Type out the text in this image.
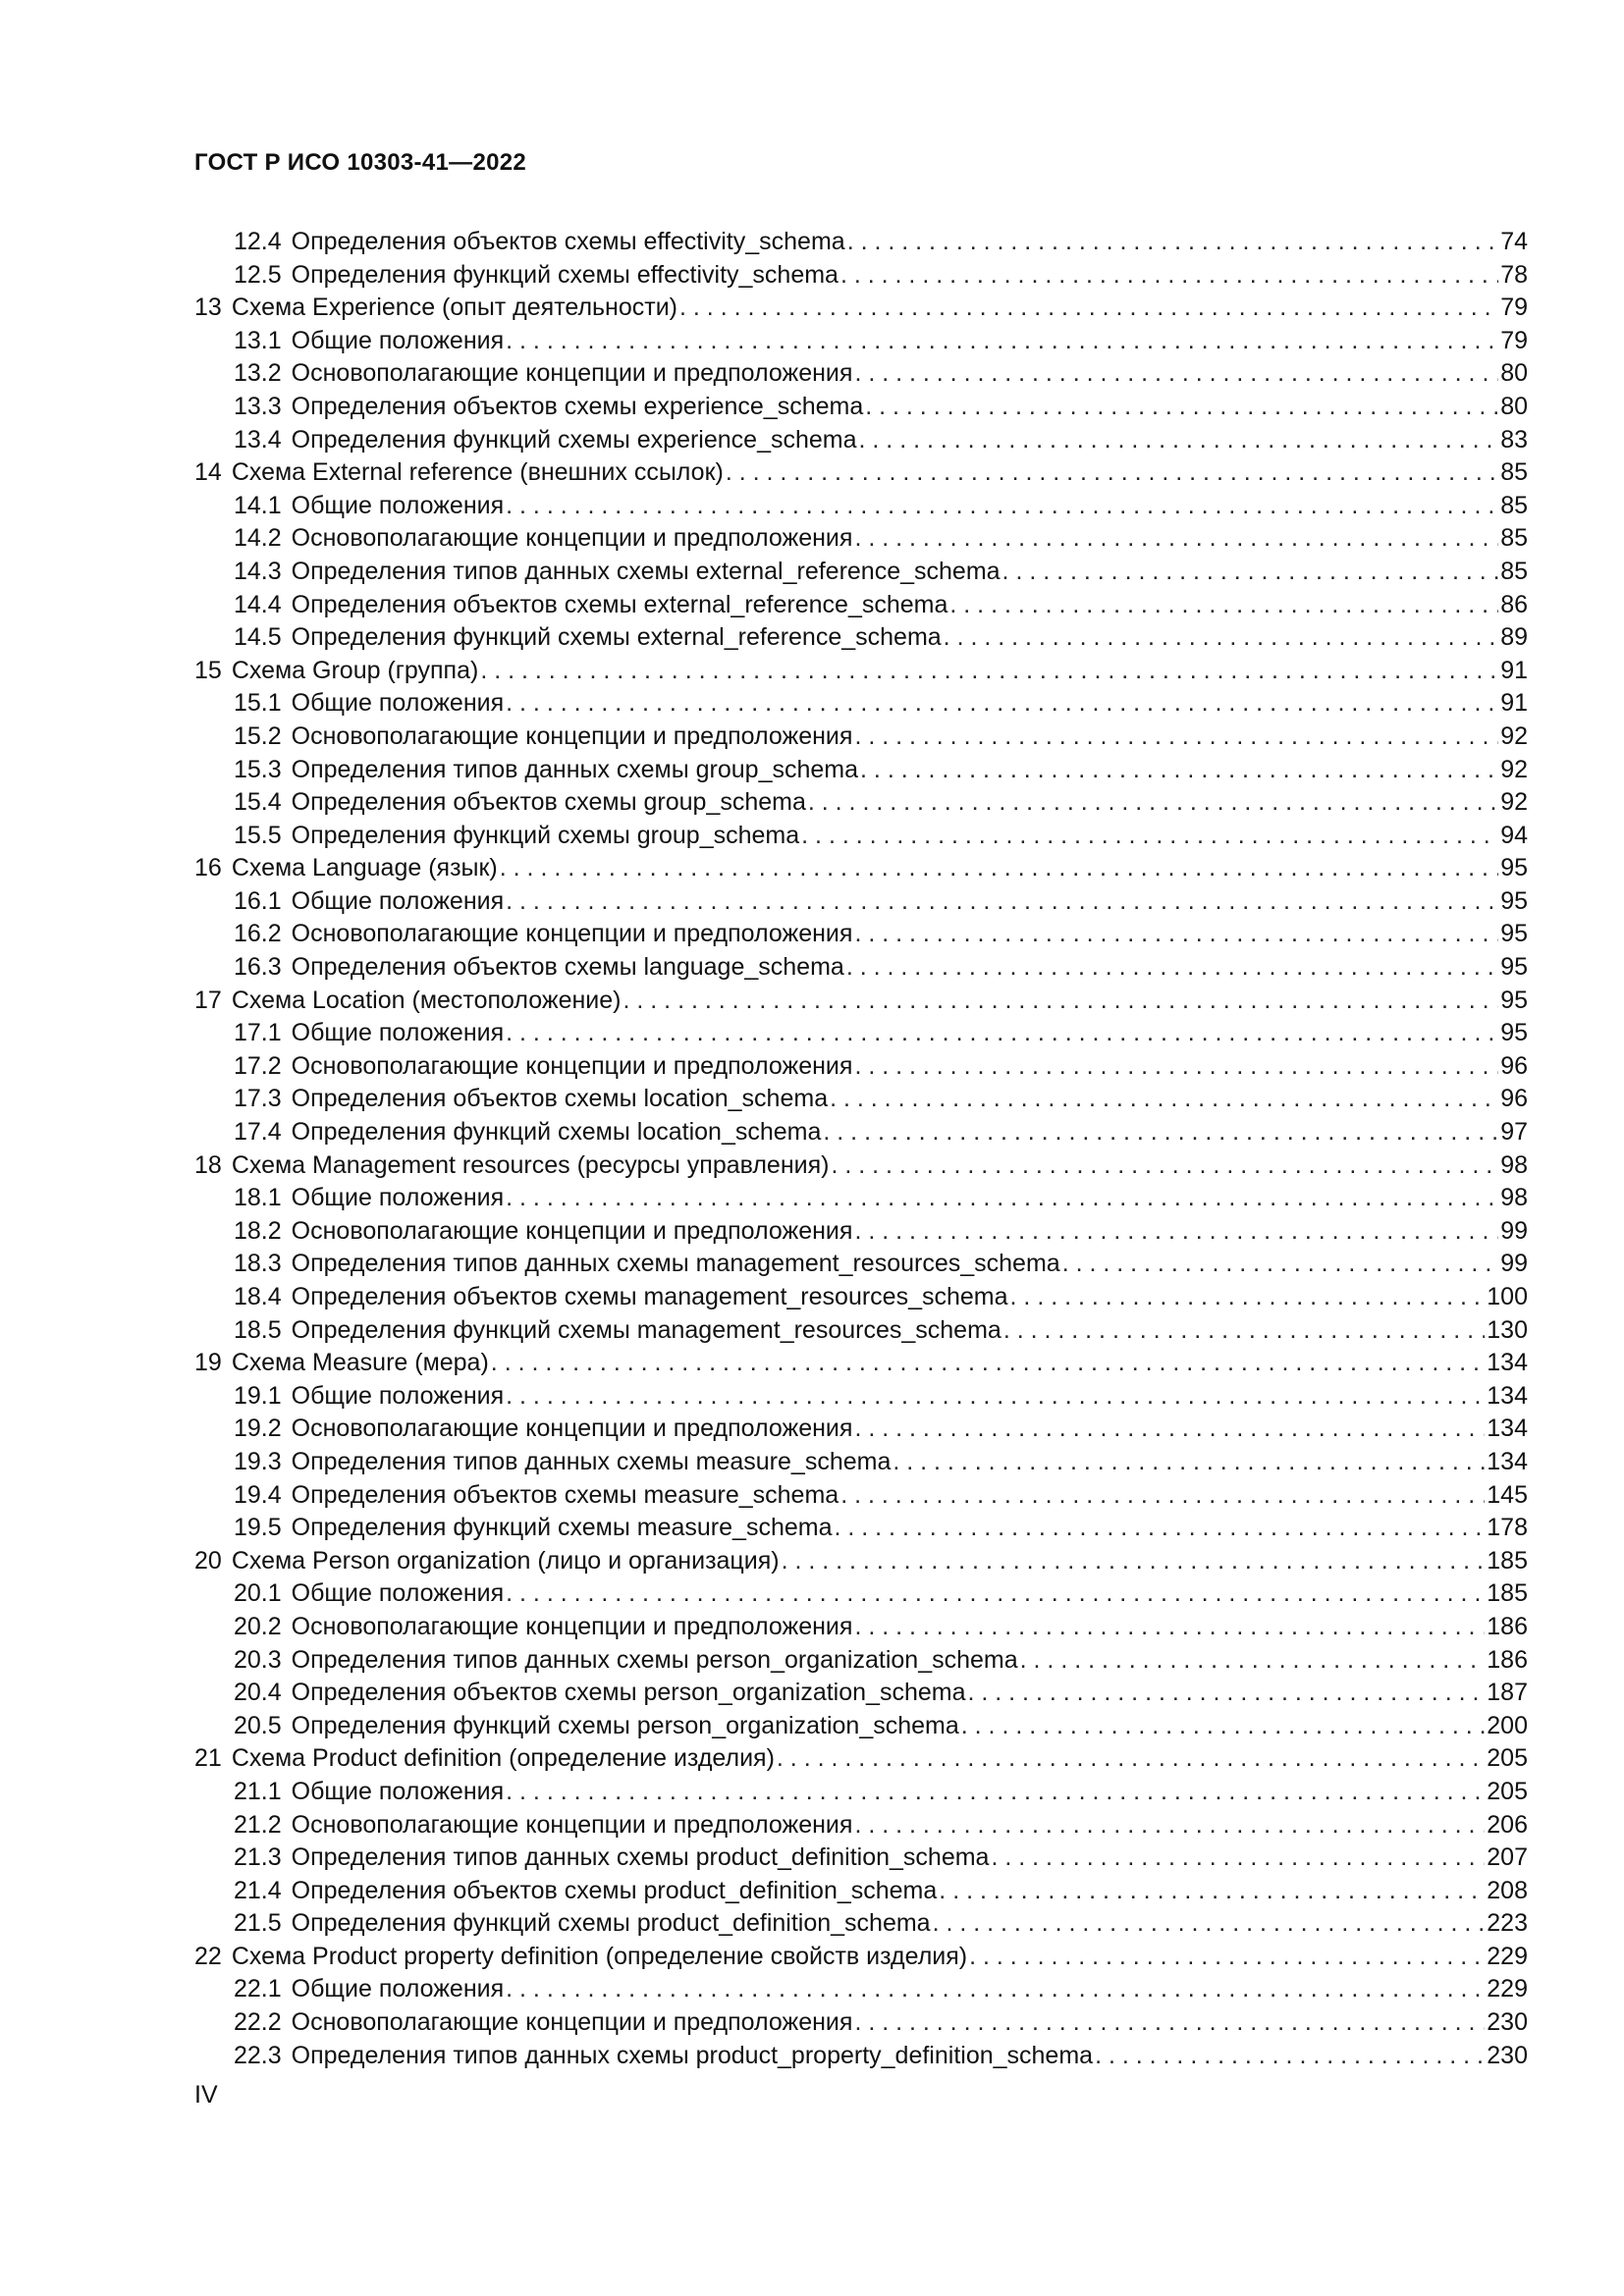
ГОСТ Р ИСО 10303-41—2022
12.4 Определения объектов схемы effectivity_schema . . .	74
12.5 Определения функций схемы effectivity_schema . . .	78
13 Схема Experience (опыт деятельности) . . .	79
13.1 Общие положения . . .	79
13.2 Основополагающие концепции и предположения . . .	80
13.3 Определения объектов схемы experience_schema . . .	80
13.4 Определения функций схемы experience_schema . . .	83
14 Схема External reference (внешних ссылок) . . .	85
14.1 Общие положения . . .	85
14.2 Основополагающие концепции и предположения . . .	85
14.3 Определения типов данных схемы external_reference_schema . . .	85
14.4 Определения объектов схемы external_reference_schema . . .	86
14.5 Определения функций схемы external_reference_schema . . .	89
15 Схема Group (группа) . . .	91
15.1 Общие положения . . .	91
15.2 Основополагающие концепции и предположения . . .	92
15.3 Определения типов данных схемы group_schema . . .	92
15.4 Определения объектов схемы group_schema . . .	92
15.5 Определения функций схемы group_schema . . .	94
16 Схема Language (язык) . . .	95
16.1 Общие положения . . .	95
16.2 Основополагающие концепции и предположения . . .	95
16.3 Определения объектов схемы language_schema . . .	95
17 Схема Location (местоположение) . . .	95
17.1 Общие положения . . .	95
17.2 Основополагающие концепции и предположения . . .	96
17.3 Определения объектов схемы location_schema . . .	96
17.4 Определения функций схемы location_schema . . .	97
18 Схема Management resources (ресурсы управления) . . .	98
18.1 Общие положения . . .	98
18.2 Основополагающие концепции и предположения . . .	99
18.3 Определения типов данных схемы management_resources_schema . . .	99
18.4 Определения объектов схемы management_resources_schema . . .	100
18.5 Определения функций схемы management_resources_schema . . .	130
19 Схема Measure (мера) . . .	134
19.1 Общие положения . . .	134
19.2 Основополагающие концепции и предположения . . .	134
19.3 Определения типов данных схемы measure_schema . . .	134
19.4 Определения объектов схемы measure_schema . . .	145
19.5 Определения функций схемы measure_schema . . .	178
20 Схема Person organization (лицо и организация) . . .	185
20.1 Общие положения . . .	185
20.2 Основополагающие концепции и предположения . . .	186
20.3 Определения типов данных схемы person_organization_schema . . .	186
20.4 Определения объектов схемы person_organization_schema . . .	187
20.5 Определения функций схемы person_organization_schema . . .	200
21 Схема Product definition (определение изделия) . . .	205
21.1 Общие положения . . .	205
21.2 Основополагающие концепции и предположения . . .	206
21.3 Определения типов данных схемы product_definition_schema . . .	207
21.4 Определения объектов схемы product_definition_schema . . .	208
21.5 Определения функций схемы product_definition_schema . . .	223
22 Схема Product property definition (определение свойств изделия) . . .	229
22.1 Общие положения . . .	229
22.2 Основополагающие концепции и предположения . . .	230
22.3 Определения типов данных схемы product_property_definition_schema . . .	230
IV
